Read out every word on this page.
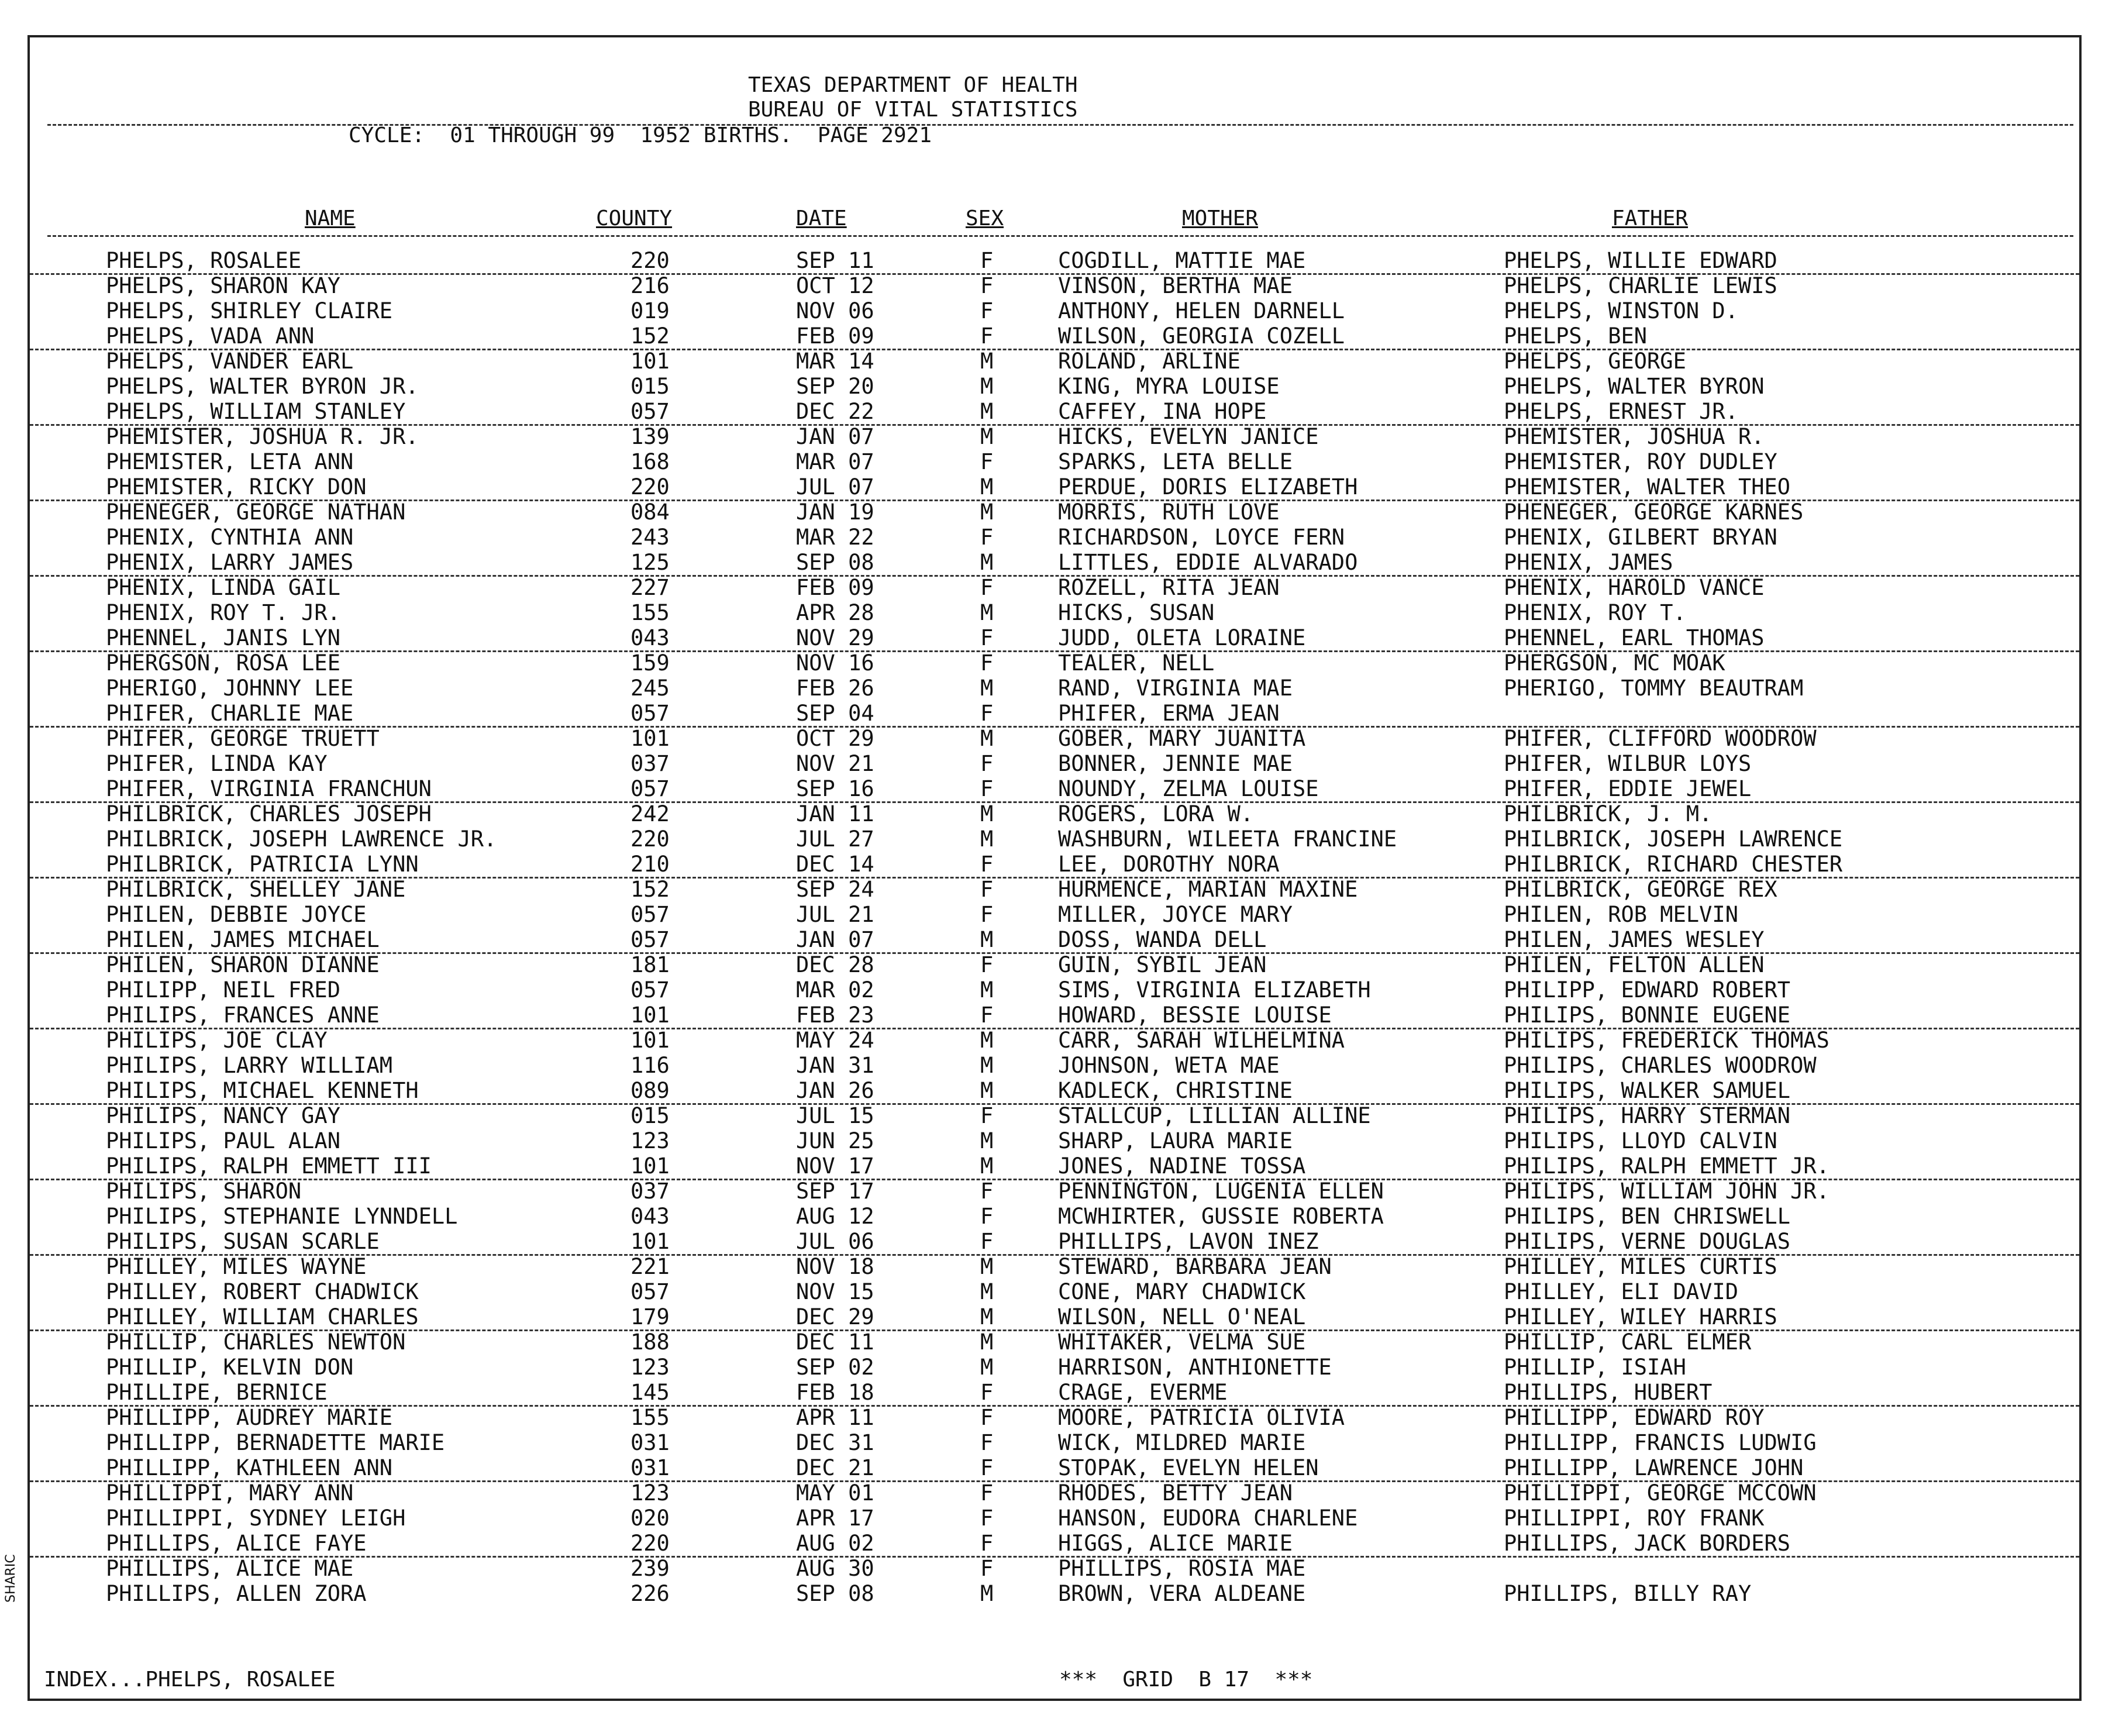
TEXAS DEPARTMENT OF HEALTH
BUREAU OF VITAL STATISTICS
CYCLE:  01 THROUGH 99  1952 BIRTHS.  PAGE 2921
NAME	COUNTY	DATE	SEX	MOTHER	FATHER
PHELPS, ROSALEE	220	SEP 11	F	COGDILL, MATTIE MAE	PHELPS, WILLIE EDWARD
PHELPS, SHARON KAY	216	OCT 12	F	VINSON, BERTHA MAE	PHELPS, CHARLIE LEWIS
PHELPS, SHIRLEY CLAIRE	019	NOV 06	F	ANTHONY, HELEN DARNELL	PHELPS, WINSTON D.
PHELPS, VADA ANN	152	FEB 09	F	WILSON, GEORGIA COZELL	PHELPS, BEN
PHELPS, VANDER EARL	101	MAR 14	M	ROLAND, ARLINE	PHELPS, GEORGE
PHELPS, WALTER BYRON JR.	015	SEP 20	M	KING, MYRA LOUISE	PHELPS, WALTER BYRON
PHELPS, WILLIAM STANLEY	057	DEC 22	M	CAFFEY, INA HOPE	PHELPS, ERNEST JR.
PHEMISTER, JOSHUA R. JR.	139	JAN 07	M	HICKS, EVELYN JANICE	PHEMISTER, JOSHUA R.
PHEMISTER, LETA ANN	168	MAR 07	F	SPARKS, LETA BELLE	PHEMISTER, ROY DUDLEY
PHEMISTER, RICKY DON	220	JUL 07	M	PERDUE, DORIS ELIZABETH	PHEMISTER, WALTER THEO
PHENEGER, GEORGE NATHAN	084	JAN 19	M	MORRIS, RUTH LOVE	PHENEGER, GEORGE KARNES
PHENIX, CYNTHIA ANN	243	MAR 22	F	RICHARDSON, LOYCE FERN	PHENIX, GILBERT BRYAN
PHENIX, LARRY JAMES	125	SEP 08	M	LITTLES, EDDIE ALVARADO	PHENIX, JAMES
PHENIX, LINDA GAIL	227	FEB 09	F	ROZELL, RITA JEAN	PHENIX, HAROLD VANCE
PHENIX, ROY T. JR.	155	APR 28	M	HICKS, SUSAN	PHENIX, ROY T.
PHENNEL, JANIS LYN	043	NOV 29	F	JUDD, OLETA LORAINE	PHENNEL, EARL THOMAS
PHERGSON, ROSA LEE	159	NOV 16	F	TEALER, NELL	PHERGSON, MC MOAK
PHERIGO, JOHNNY LEE	245	FEB 26	M	RAND, VIRGINIA MAE	PHERIGO, TOMMY BEAUTRAM
PHIFER, CHARLIE MAE	057	SEP 04	F	PHIFER, ERMA JEAN
PHIFER, GEORGE TRUETT	101	OCT 29	M	GOBER, MARY JUANITA	PHIFER, CLIFFORD WOODROW
PHIFER, LINDA KAY	037	NOV 21	F	BONNER, JENNIE MAE	PHIFER, WILBUR LOYS
PHIFER, VIRGINIA FRANCHUN	057	SEP 16	F	NOUNDY, ZELMA LOUISE	PHIFER, EDDIE JEWEL
PHILBRICK, CHARLES JOSEPH	242	JAN 11	M	ROGERS, LORA W.	PHILBRICK, J. M.
PHILBRICK, JOSEPH LAWRENCE JR.	220	JUL 27	M	WASHBURN, WILEETA FRANCINE	PHILBRICK, JOSEPH LAWRENCE
PHILBRICK, PATRICIA LYNN	210	DEC 14	F	LEE, DOROTHY NORA	PHILBRICK, RICHARD CHESTER
PHILBRICK, SHELLEY JANE	152	SEP 24	F	HURMENCE, MARIAN MAXINE	PHILBRICK, GEORGE REX
PHILEN, DEBBIE JOYCE	057	JUL 21	F	MILLER, JOYCE MARY	PHILEN, ROB MELVIN
PHILEN, JAMES MICHAEL	057	JAN 07	M	DOSS, WANDA DELL	PHILEN, JAMES WESLEY
PHILEN, SHARON DIANNE	181	DEC 28	F	GUIN, SYBIL JEAN	PHILEN, FELTON ALLEN
PHILIPP, NEIL FRED	057	MAR 02	M	SIMS, VIRGINIA ELIZABETH	PHILIPP, EDWARD ROBERT
PHILIPS, FRANCES ANNE	101	FEB 23	F	HOWARD, BESSIE LOUISE	PHILIPS, BONNIE EUGENE
PHILIPS, JOE CLAY	101	MAY 24	M	CARR, SARAH WILHELMINA	PHILIPS, FREDERICK THOMAS
PHILIPS, LARRY WILLIAM	116	JAN 31	M	JOHNSON, WETA MAE	PHILIPS, CHARLES WOODROW
PHILIPS, MICHAEL KENNETH	089	JAN 26	M	KADLECK, CHRISTINE	PHILIPS, WALKER SAMUEL
PHILIPS, NANCY GAY	015	JUL 15	F	STALLCUP, LILLIAN ALLINE	PHILIPS, HARRY STERMAN
PHILIPS, PAUL ALAN	123	JUN 25	M	SHARP, LAURA MARIE	PHILIPS, LLOYD CALVIN
PHILIPS, RALPH EMMETT III	101	NOV 17	M	JONES, NADINE TOSSA	PHILIPS, RALPH EMMETT JR.
PHILIPS, SHARON	037	SEP 17	F	PENNINGTON, LUGENIA ELLEN	PHILIPS, WILLIAM JOHN JR.
PHILIPS, STEPHANIE LYNNDELL	043	AUG 12	F	MCWHIRTER, GUSSIE ROBERTA	PHILIPS, BEN CHRISWELL
PHILIPS, SUSAN SCARLE	101	JUL 06	F	PHILLIPS, LAVON INEZ	PHILIPS, VERNE DOUGLAS
PHILLEY, MILES WAYNE	221	NOV 18	M	STEWARD, BARBARA JEAN	PHILLEY, MILES CURTIS
PHILLEY, ROBERT CHADWICK	057	NOV 15	M	CONE, MARY CHADWICK	PHILLEY, ELI DAVID
PHILLEY, WILLIAM CHARLES	179	DEC 29	M	WILSON, NELL O'NEAL	PHILLEY, WILEY HARRIS
PHILLIP, CHARLES NEWTON	188	DEC 11	M	WHITAKER, VELMA SUE	PHILLIP, CARL ELMER
PHILLIP, KELVIN DON	123	SEP 02	M	HARRISON, ANTHIONETTE	PHILLIP, ISIAH
PHILLIPE, BERNICE	145	FEB 18	F	CRAGE, EVERME	PHILLIPS, HUBERT
PHILLIPP, AUDREY MARIE	155	APR 11	F	MOORE, PATRICIA OLIVIA	PHILLIPP, EDWARD ROY
PHILLIPP, BERNADETTE MARIE	031	DEC 31	F	WICK, MILDRED MARIE	PHILLIPP, FRANCIS LUDWIG
PHILLIPP, KATHLEEN ANN	031	DEC 21	F	STOPAK, EVELYN HELEN	PHILLIPP, LAWRENCE JOHN
PHILLIPPI, MARY ANN	123	MAY 01	F	RHODES, BETTY JEAN	PHILLIPPI, GEORGE MCCOWN
PHILLIPPI, SYDNEY LEIGH	020	APR 17	F	HANSON, EUDORA CHARLENE	PHILLIPPI, ROY FRANK
PHILLIPS, ALICE FAYE	220	AUG 02	F	HIGGS, ALICE MARIE	PHILLIPS, JACK BORDERS
PHILLIPS, ALICE MAE	239	AUG 30	F	PHILLIPS, ROSIA MAE
PHILLIPS, ALLEN ZORA	226	SEP 08	M	BROWN, VERA ALDEANE	PHILLIPS, BILLY RAY
INDEX...PHELPS, ROSALEE	***  GRID  B 17  ***
SHARIC
